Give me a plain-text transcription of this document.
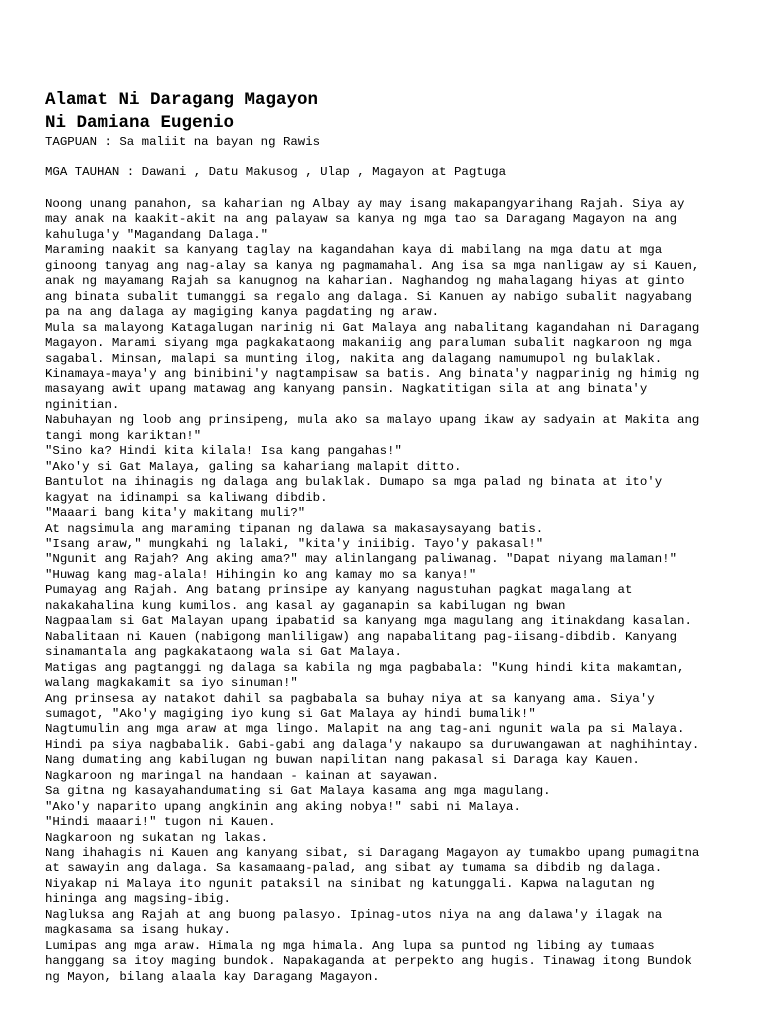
Alamat Ni Daragang Magayon
Ni Damiana Eugenio

TAGPUAN : Sa maliit na bayan ng Rawis

MGA TAUHAN : Dawani , Datu Makusog , Ulap , Magayon at Pagtuga

Noong unang panahon, sa kaharian ng Albay ay may isang makapangyarihang Rajah. Siya ay
may anak na kaakit-akit na ang palayaw sa kanya ng mga tao sa Daragang Magayon na ang
kahuluga'y "Magandang Dalaga."
Maraming naakit sa kanyang taglay na kagandahan kaya di mabilang na mga datu at mga
ginoong tanyag ang nag-alay sa kanya ng pagmamahal. Ang isa sa mga nanligaw ay si Kauen,
anak ng mayamang Rajah sa kanugnog na kaharian. Naghandog ng mahalagang hiyas at ginto
ang binata subalit tumanggi sa regalo ang dalaga. Si Kanuen ay nabigo subalit nagyabang
pa na ang dalaga ay magiging kanya pagdating ng araw.
Mula sa malayong Katagalugan narinig ni Gat Malaya ang nabalitang kagandahan ni Daragang
Magayon. Marami siyang mga pagkakataong makaniig ang paraluman subalit nagkaroon ng mga
sagabal. Minsan, malapi sa munting ilog, nakita ang dalagang namumupol ng bulaklak.
Kinamaya-maya'y ang binibini'y nagtampisaw sa batis. Ang binata'y nagparinig ng himig ng
masayang awit upang matawag ang kanyang pansin. Nagkatitigan sila at ang binata'y
nginitian.
Nabuhayan ng loob ang prinsipeng, mula ako sa malayo upang ikaw ay sadyain at Makita ang
tangi mong kariktan!"
"Sino ka? Hindi kita kilala! Isa kang pangahas!"
"Ako'y si Gat Malaya, galing sa kahariang malapit ditto.
Bantulot na ihinagis ng dalaga ang bulaklak. Dumapo sa mga palad ng binata at ito'y
kagyat na idinampi sa kaliwang dibdib.
"Maaari bang kita'y makitang muli?"
At nagsimula ang maraming tipanan ng dalawa sa makasaysayang batis.
"Isang araw," mungkahi ng lalaki, "kita'y iniibig. Tayo'y pakasal!"
"Ngunit ang Rajah? Ang aking ama?" may alinlangang paliwanag. "Dapat niyang malaman!"
"Huwag kang mag-alala! Hihingin ko ang kamay mo sa kanya!"
Pumayag ang Rajah. Ang batang prinsipe ay kanyang nagustuhan pagkat magalang at
nakakahalina kung kumilos. ang kasal ay gaganapin sa kabilugan ng bwan
Nagpaalam si Gat Malayan upang ipabatid sa kanyang mga magulang ang itinakdang kasalan.
Nabalitaan ni Kauen (nabigong manliligaw) ang napabalitang pag-iisang-dibdib. Kanyang
sinamantala ang pagkakataong wala si Gat Malaya.
Matigas ang pagtanggi ng dalaga sa kabila ng mga pagbabala: "Kung hindi kita makamtan,
walang magkakamit sa iyo sinuman!"
Ang prinsesa ay natakot dahil sa pagbabala sa buhay niya at sa kanyang ama. Siya'y
sumagot, "Ako'y magiging iyo kung si Gat Malaya ay hindi bumalik!"
Nagtumulin ang mga araw at mga lingo. Malapit na ang tag-ani ngunit wala pa si Malaya.
Hindi pa siya nagbabalik. Gabi-gabi ang dalaga'y nakaupo sa duruwangawan at naghihintay.
Nang dumating ang kabilugan ng buwan napilitan nang pakasal si Daraga kay Kauen.
Nagkaroon ng maringal na handaan - kainan at sayawan.
Sa gitna ng kasayahandumating si Gat Malaya kasama ang mga magulang.
"Ako'y naparito upang angkinin ang aking nobya!" sabi ni Malaya.
"Hindi maaari!" tugon ni Kauen.
Nagkaroon ng sukatan ng lakas.
Nang ihahagis ni Kauen ang kanyang sibat, si Daragang Magayon ay tumakbo upang pumagitna
at sawayin ang dalaga. Sa kasamaang-palad, ang sibat ay tumama sa dibdib ng dalaga.
Niyakap ni Malaya ito ngunit pataksil na sinibat ng katunggali. Kapwa nalagutan ng
hininga ang magsing-ibig.
Nagluksa ang Rajah at ang buong palasyo. Ipinag-utos niya na ang dalawa'y ilagak na
magkasama sa isang hukay.
Lumipas ang mga araw. Himala ng mga himala. Ang lupa sa puntod ng libing ay tumaas
hanggang sa itoy maging bundok. Napakaganda at perpekto ang hugis. Tinawag itong Bundok
ng Mayon, bilang alaala kay Daragang Magayon.
